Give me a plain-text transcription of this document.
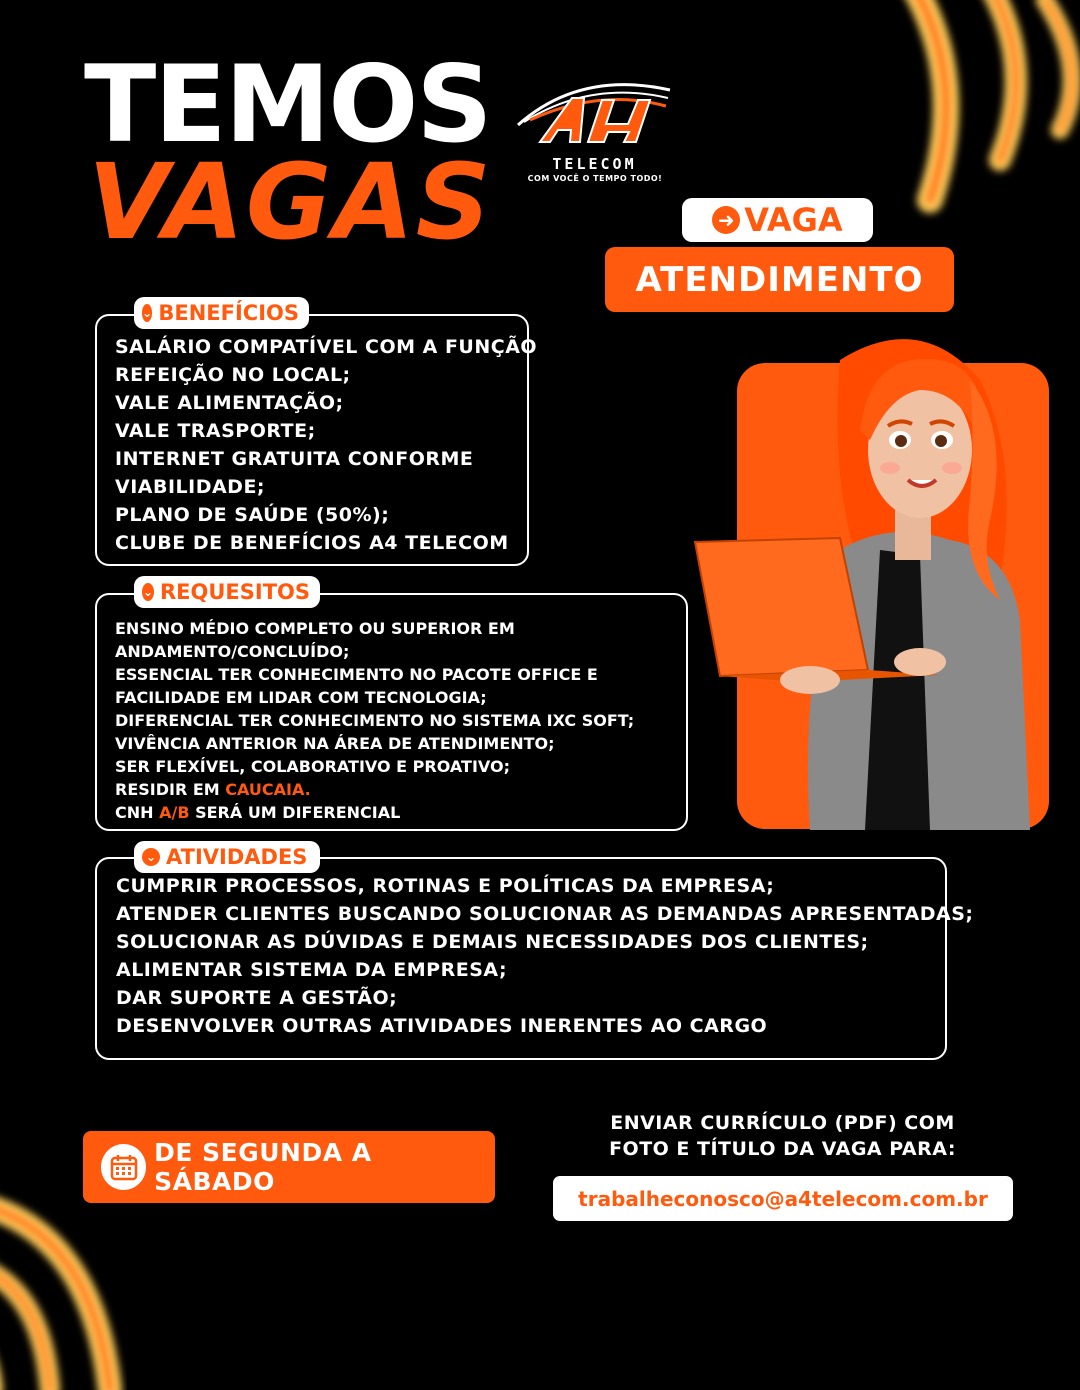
TEMOS
VAGAS	TELECOM
COM VOCÊ O TEMPO TODO!
➜ VAGA
ATENDIMENTO
⌄ BENEFÍCIOS
SALÁRIO COMPATÍVEL COM A FUNÇÃO
REFEIÇÃO NO LOCAL;
VALE ALIMENTAÇÃO;
VALE TRASPORTE;
INTERNET GRATUITA CONFORME
VIABILIDADE;
PLANO DE SAÚDE (50%);
CLUBE DE BENEFÍCIOS A4 TELECOM
⌄ REQUESITOS
ENSINO MÉDIO COMPLETO OU SUPERIOR EM
ANDAMENTO/CONCLUÍDO;
ESSENCIAL TER CONHECIMENTO NO PACOTE OFFICE E
FACILIDADE EM LIDAR COM TECNOLOGIA;
DIFERENCIAL TER CONHECIMENTO NO SISTEMA IXC SOFT;
VIVÊNCIA ANTERIOR NA ÁREA DE ATENDIMENTO;
SER FLEXÍVEL, COLABORATIVO E PROATIVO;
RESIDIR EM CAUCAIA.
CNH A/B SERÁ UM DIFERENCIAL
⌄ ATIVIDADES
CUMPRIR PROCESSOS, ROTINAS E POLÍTICAS DA EMPRESA;
ATENDER CLIENTES BUSCANDO SOLUCIONAR AS DEMANDAS APRESENTADAS;
SOLUCIONAR AS DÚVIDAS E DEMAIS NECESSIDADES DOS CLIENTES;
ALIMENTAR SISTEMA DA EMPRESA;
DAR SUPORTE A GESTÃO;
DESENVOLVER OUTRAS ATIVIDADES INERENTES AO CARGO
DE SEGUNDA A SÁBADO
ENVIAR CURRÍCULO (PDF) COM
FOTO E TÍTULO DA VAGA PARA:
trabalheconosco@a4telecom.com.br
